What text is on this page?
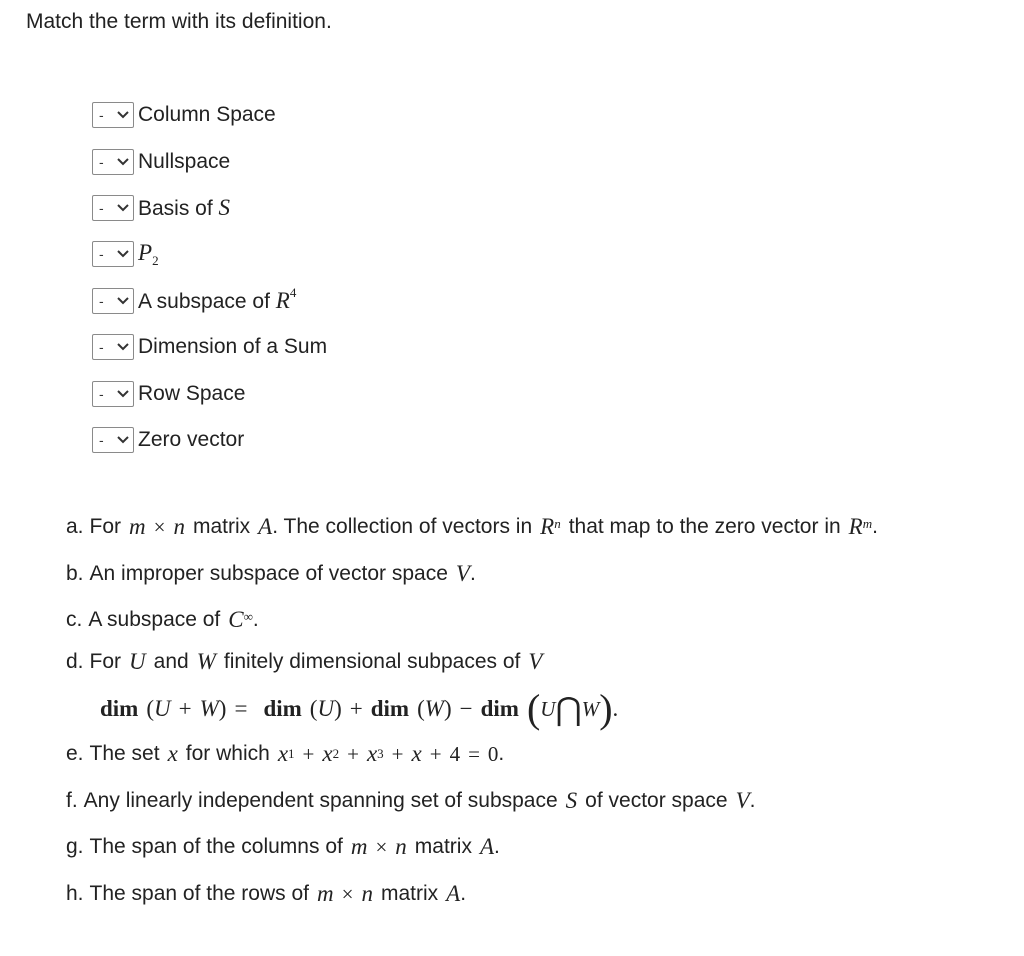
Match the term with its definition.
- Column Space
- Nullspace
- Basis of S
- $P_2$
- A subspace of $R^4$
- Dimension of a Sum
- Row Space
- Zero vector
a. For m × n matrix A . The collection of vectors in $R^n$ that map to the zero vector in $R^m$ .
b. An improper subspace of vector space V .
c. A subspace of C∞ .
d. For U and W finitely dimensional subpaces of V
dim ( U + W ) = dim ( U ) + dim ( W ) − dim ( U ⋂ W ) .
e. The set x for which x 1 + x 2 + x 3 + x + 4 = 0 .
f. Any linearly independent spanning set of subspace S of vector space V .
g. The span of the columns of m × n matrix A .
h. The span of the rows of m × n matrix A .
